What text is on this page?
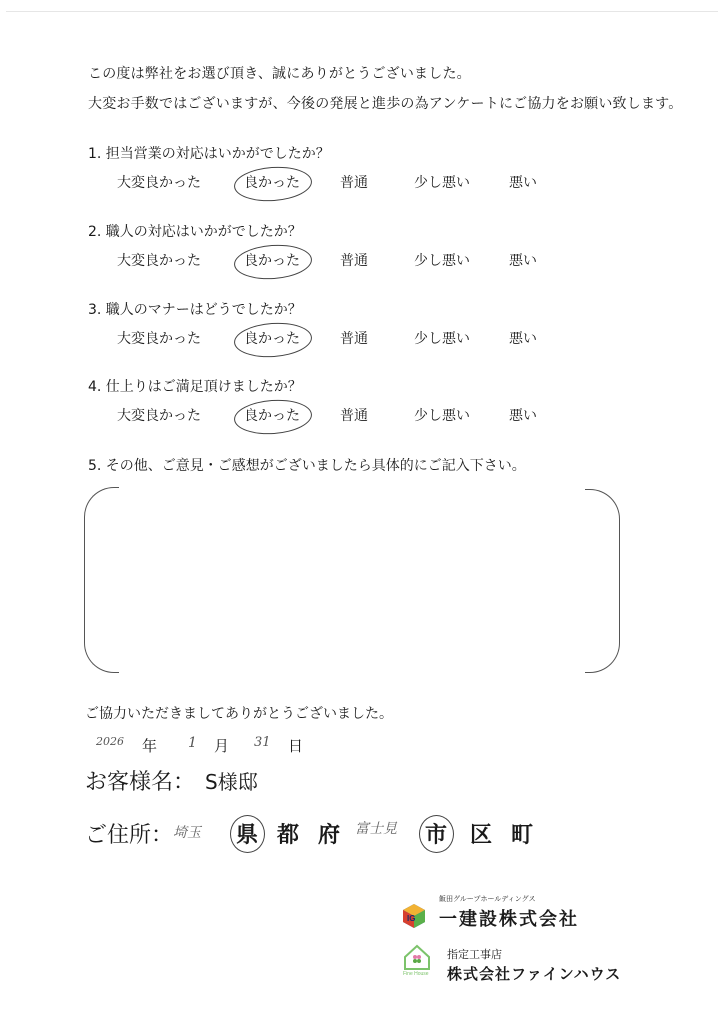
この度は弊社をお選び頂き、誠にありがとうございました。
大変お手数ではございますが、今後の発展と進歩の為アンケートにご協力をお願い致します。
1. 担当営業の対応はいかがでしたか？
大変良かった	良かった	普通	少し悪い	悪い
2. 職人の対応はいかがでしたか？
大変良かった	良かった	普通	少し悪い	悪い
3. 職人のマナーはどうでしたか？
大変良かった	良かった	普通	少し悪い	悪い
4. 仕上りはご満足頂けましたか？
大変良かった	良かった	普通	少し悪い	悪い
5. その他、ご意見・ご感想がございましたら具体的にご記入下さい。
ご協力いただきましてありがとうございました。
2026 年 1 月 31 日
お客様名： S様邸
ご住所： 埼玉 県 都 府 富士見 市 区 町
IG
飯田グループホールディングス
一建設株式会社
Fine House
指定工事店
株式会社ファインハウス
